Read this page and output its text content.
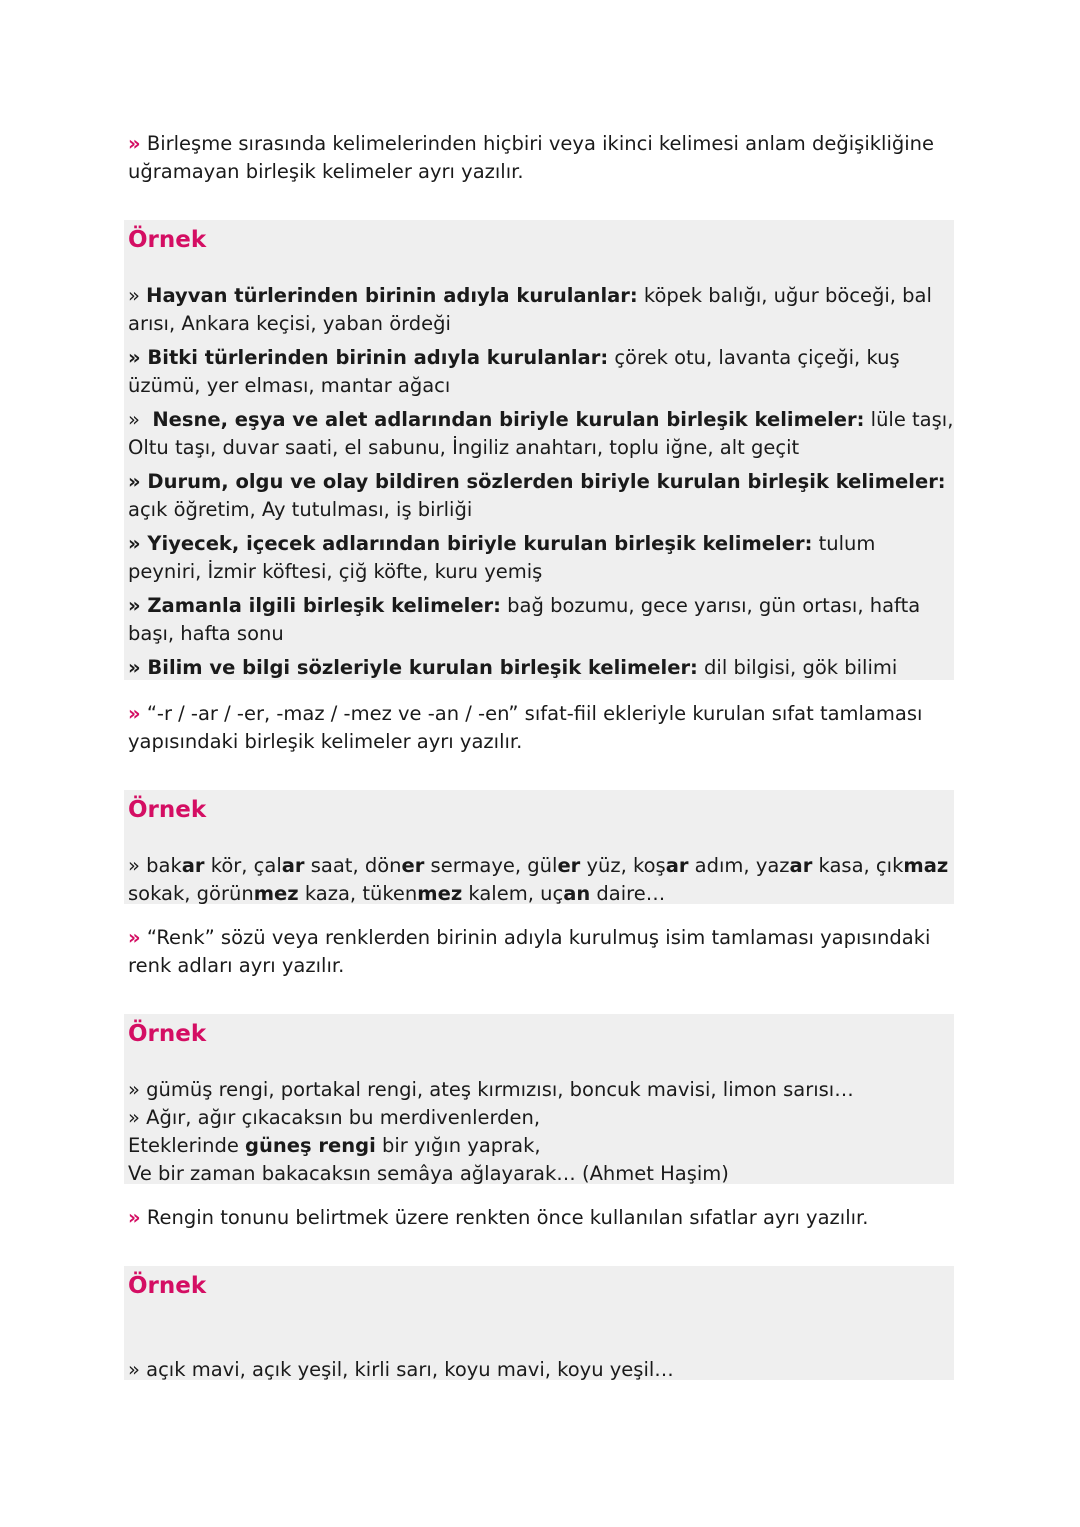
» Birleşme sırasında kelimelerinden hiçbiri veya ikinci kelimesi anlam değişikliğine uğramayan birleşik kelimeler ayrı yazılır.

Örnek

» Hayvan türlerinden birinin adıyla kurulanlar: köpek balığı, uğur böceği, bal arısı, Ankara keçisi, yaban ördeği

» Bitki türlerinden birinin adıyla kurulanlar: çörek otu, lavanta çiçeği, kuş üzümü, yer elması, mantar ağacı

»  Nesne, eşya ve alet adlarından biriyle kurulan birleşik kelimeler: lüle taşı, Oltu taşı, duvar saati, el sabunu, İngiliz anahtarı, toplu iğne, alt geçit

» Durum, olgu ve olay bildiren sözlerden biriyle kurulan birleşik kelimeler: açık öğretim, Ay tutulması, iş birliği

» Yiyecek, içecek adlarından biriyle kurulan birleşik kelimeler: tulum peyniri, İzmir köftesi, çiğ köfte, kuru yemiş

» Zamanla ilgili birleşik kelimeler: bağ bozumu, gece yarısı, gün ortası, hafta başı, hafta sonu

» Bilim ve bilgi sözleriyle kurulan birleşik kelimeler: dil bilgisi, gök bilimi

» “-r / -ar / -er, -maz / -mez ve -an / -en” sıfat-fiil ekleriyle kurulan sıfat tamlaması yapısındaki birleşik kelimeler ayrı yazılır.

Örnek

» bakar kör, çalar saat, döner sermaye, güler yüz, koşar adım, yazar kasa, çıkmaz sokak, görünmez kaza, tükenmez kalem, uçan daire…

» “Renk” sözü veya renklerden birinin adıyla kurulmuş isim tamlaması yapısındaki renk adları ayrı yazılır.

Örnek

» gümüş rengi, portakal rengi, ateş kırmızısı, boncuk mavisi, limon sarısı…

» Ağır, ağır çıkacaksın bu merdivenlerden,

Eteklerinde güneş rengi bir yığın yaprak,

Ve bir zaman bakacaksın semâya ağlayarak… (Ahmet Haşim)

» Rengin tonunu belirtmek üzere renkten önce kullanılan sıfatlar ayrı yazılır.

Örnek

» açık mavi, açık yeşil, kirli sarı, koyu mavi, koyu yeşil…
